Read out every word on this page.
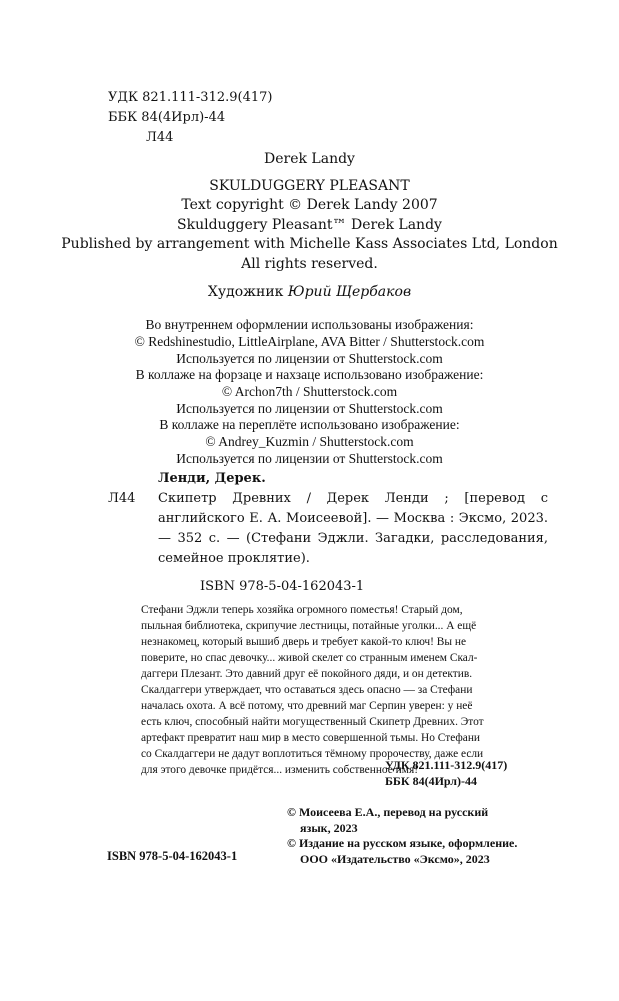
УДК 821.111-312.9(417)
ББК 84(4Ирл)-44
Л44
Derek Landy
SKULDUGGERY PLEASANT
Text copyright © Derek Landy 2007
Skulduggery Pleasant™ Derek Landy
Published by arrangement with Michelle Kass Associates Ltd, London
All rights reserved.
Художник Юрий Щербаков
Во внутреннем оформлении использованы изображения:
© Redshinestudio, LittleAirplane, AVA Bitter / Shutterstock.com
Используется по лицензии от Shutterstock.com
В коллаже на форзаце и нахзаце использовано изображение:
© Archon7th / Shutterstock.com
Используется по лицензии от Shutterstock.com
В коллаже на переплёте использовано изображение:
© Andrey_Kuzmin / Shutterstock.com
Используется по лицензии от Shutterstock.com
Ленди, Дерек.
Л44 Скипетр Древних / Дерек Ленди ; [перевод с английского Е. А. Моисеевой]. — Москва : Эксмо, 2023. — 352 с. — (Стефани Эджли. Загадки, расследования, семейное проклятие).
ISBN 978-5-04-162043-1
Стефани Эджли теперь хозяйка огромного поместья! Старый дом,
пыльная библиотека, скрипучие лестницы, потайные уголки... А ещё
незнакомец, который вышиб дверь и требует какой-то ключ! Вы не
поверите, но спас девочку... живой скелет со странным именем Скал-
даггери Плезант. Это давний друг её покойного дяди, и он детектив.
Скалдаггери утверждает, что оставаться здесь опасно — за Стефани
началась охота. А всё потому, что древний маг Серпин уверен: у неё
есть ключ, способный найти могущественный Скипетр Древних. Этот
артефакт превратит наш мир в место совершенной тьмы. Но Стефани
со Скалдаггери не дадут воплотиться тёмному пророчеству, даже если
для этого девочке придётся... изменить собственное имя!
УДК 821.111-312.9(417)
ББК 84(4Ирл)-44
© Моисеева Е.А., перевод на русский
язык, 2023
© Издание на русском языке, оформление.
ООО «Издательство «Эксмо», 2023
ISBN 978-5-04-162043-1
